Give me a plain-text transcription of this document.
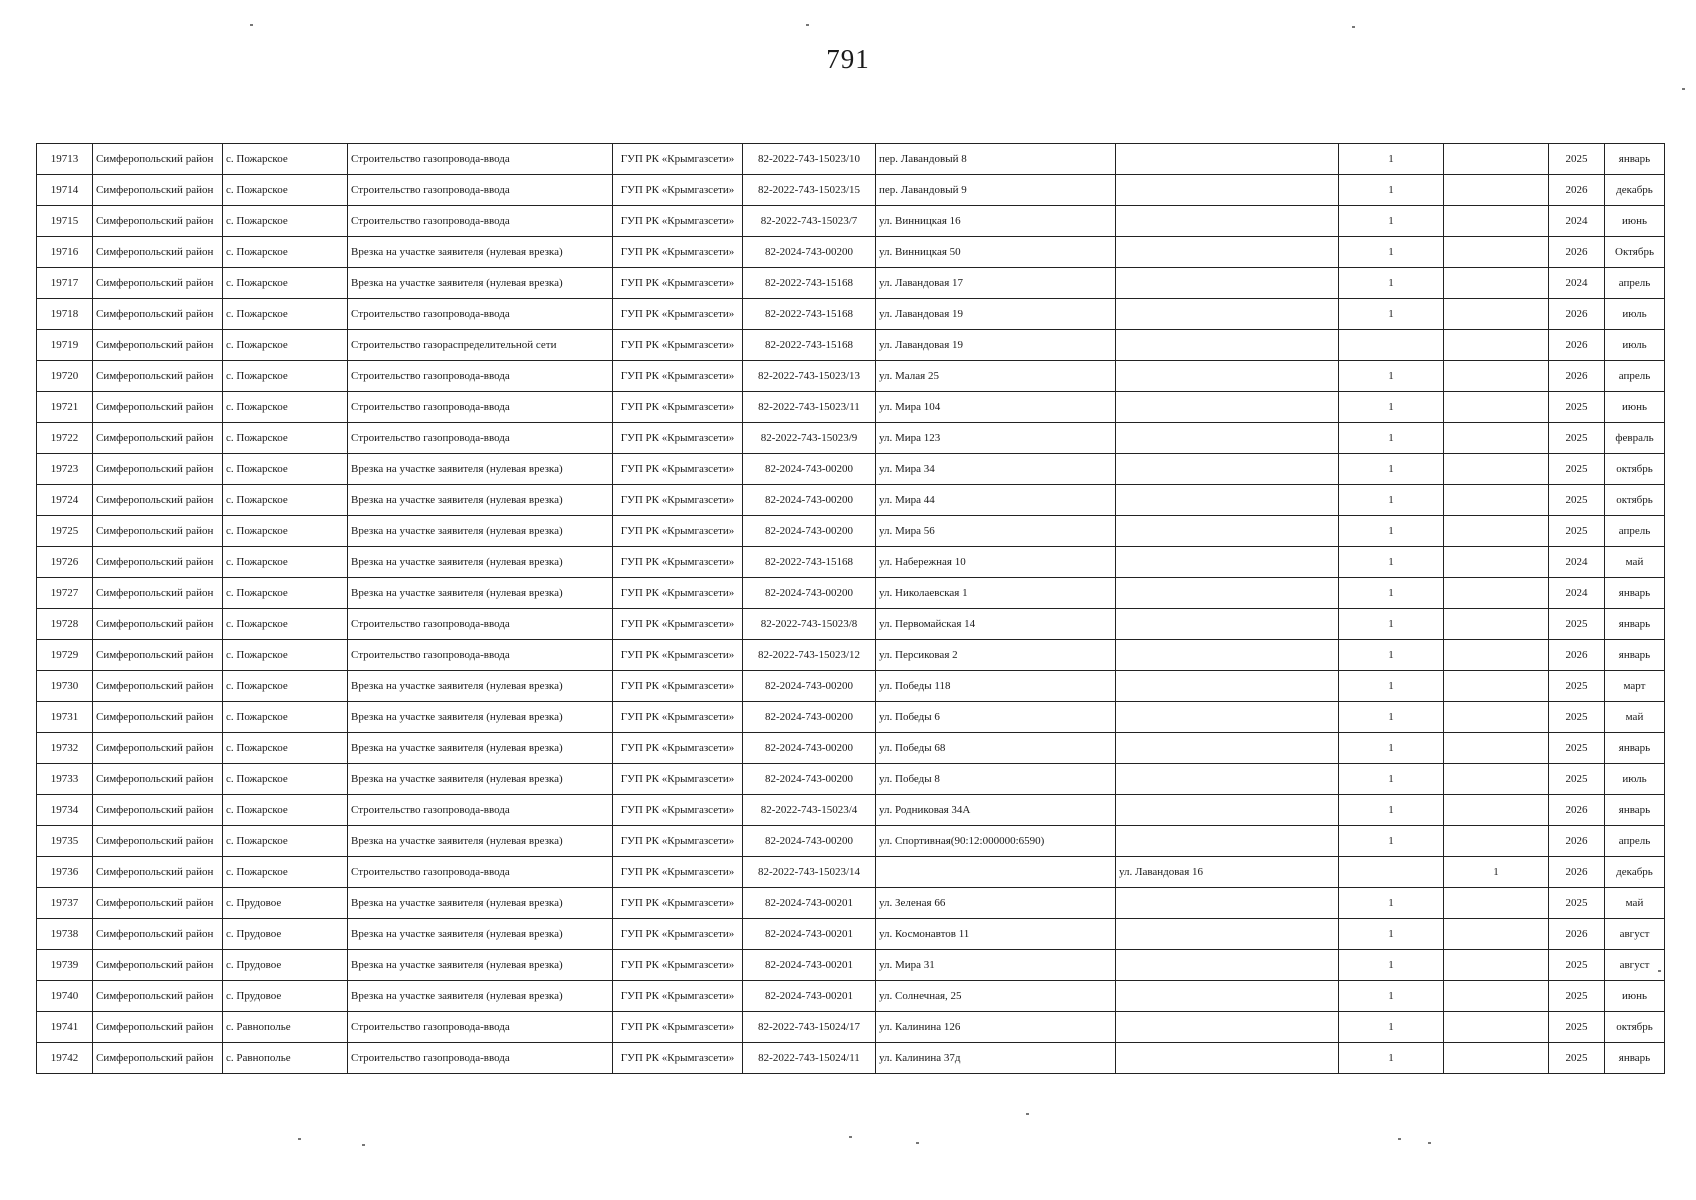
791
19713	Симферопольский район	с. Пожарское	Строительство газопровода-ввода	ГУП РК «Крымгазсети»	82-2022-743-15023/10	пер. Лавандовый 8		1		2025	январь
19714	Симферопольский район	с. Пожарское	Строительство газопровода-ввода	ГУП РК «Крымгазсети»	82-2022-743-15023/15	пер. Лавандовый 9		1		2026	декабрь
19715	Симферопольский район	с. Пожарское	Строительство газопровода-ввода	ГУП РК «Крымгазсети»	82-2022-743-15023/7	ул. Винницкая 16		1		2024	июнь
19716	Симферопольский район	с. Пожарское	Врезка на участке заявителя (нулевая врезка)	ГУП РК «Крымгазсети»	82-2024-743-00200	ул. Винницкая 50		1		2026	Октябрь
19717	Симферопольский район	с. Пожарское	Врезка на участке заявителя (нулевая врезка)	ГУП РК «Крымгазсети»	82-2022-743-15168	ул. Лавандовая 17		1		2024	апрель
19718	Симферопольский район	с. Пожарское	Строительство газопровода-ввода	ГУП РК «Крымгазсети»	82-2022-743-15168	ул. Лавандовая 19		1		2026	июль
19719	Симферопольский район	с. Пожарское	Строительство газораспределительной сети	ГУП РК «Крымгазсети»	82-2022-743-15168	ул. Лавандовая 19				2026	июль
19720	Симферопольский район	с. Пожарское	Строительство газопровода-ввода	ГУП РК «Крымгазсети»	82-2022-743-15023/13	ул. Малая 25		1		2026	апрель
19721	Симферопольский район	с. Пожарское	Строительство газопровода-ввода	ГУП РК «Крымгазсети»	82-2022-743-15023/11	ул. Мира 104		1		2025	июнь
19722	Симферопольский район	с. Пожарское	Строительство газопровода-ввода	ГУП РК «Крымгазсети»	82-2022-743-15023/9	ул. Мира 123		1		2025	февраль
19723	Симферопольский район	с. Пожарское	Врезка на участке заявителя (нулевая врезка)	ГУП РК «Крымгазсети»	82-2024-743-00200	ул. Мира 34		1		2025	октябрь
19724	Симферопольский район	с. Пожарское	Врезка на участке заявителя (нулевая врезка)	ГУП РК «Крымгазсети»	82-2024-743-00200	ул. Мира 44		1		2025	октябрь
19725	Симферопольский район	с. Пожарское	Врезка на участке заявителя (нулевая врезка)	ГУП РК «Крымгазсети»	82-2024-743-00200	ул. Мира 56		1		2025	апрель
19726	Симферопольский район	с. Пожарское	Врезка на участке заявителя (нулевая врезка)	ГУП РК «Крымгазсети»	82-2022-743-15168	ул. Набережная 10		1		2024	май
19727	Симферопольский район	с. Пожарское	Врезка на участке заявителя (нулевая врезка)	ГУП РК «Крымгазсети»	82-2024-743-00200	ул. Николаевская 1		1		2024	январь
19728	Симферопольский район	с. Пожарское	Строительство газопровода-ввода	ГУП РК «Крымгазсети»	82-2022-743-15023/8	ул. Первомайская 14		1		2025	январь
19729	Симферопольский район	с. Пожарское	Строительство газопровода-ввода	ГУП РК «Крымгазсети»	82-2022-743-15023/12	ул. Персиковая 2		1		2026	январь
19730	Симферопольский район	с. Пожарское	Врезка на участке заявителя (нулевая врезка)	ГУП РК «Крымгазсети»	82-2024-743-00200	ул. Победы 118		1		2025	март
19731	Симферопольский район	с. Пожарское	Врезка на участке заявителя (нулевая врезка)	ГУП РК «Крымгазсети»	82-2024-743-00200	ул. Победы 6		1		2025	май
19732	Симферопольский район	с. Пожарское	Врезка на участке заявителя (нулевая врезка)	ГУП РК «Крымгазсети»	82-2024-743-00200	ул. Победы 68		1		2025	январь
19733	Симферопольский район	с. Пожарское	Врезка на участке заявителя (нулевая врезка)	ГУП РК «Крымгазсети»	82-2024-743-00200	ул. Победы 8		1		2025	июль
19734	Симферопольский район	с. Пожарское	Строительство газопровода-ввода	ГУП РК «Крымгазсети»	82-2022-743-15023/4	ул. Родниковая 34А		1		2026	январь
19735	Симферопольский район	с. Пожарское	Врезка на участке заявителя (нулевая врезка)	ГУП РК «Крымгазсети»	82-2024-743-00200	ул. Спортивная(90:12:000000:6590)		1		2026	апрель
19736	Симферопольский район	с. Пожарское	Строительство газопровода-ввода	ГУП РК «Крымгазсети»	82-2022-743-15023/14		ул. Лавандовая 16		1	2026	декабрь
19737	Симферопольский район	с. Прудовое	Врезка на участке заявителя (нулевая врезка)	ГУП РК «Крымгазсети»	82-2024-743-00201	ул. Зеленая 66		1		2025	май
19738	Симферопольский район	с. Прудовое	Врезка на участке заявителя (нулевая врезка)	ГУП РК «Крымгазсети»	82-2024-743-00201	ул. Космонавтов 11		1		2026	август
19739	Симферопольский район	с. Прудовое	Врезка на участке заявителя (нулевая врезка)	ГУП РК «Крымгазсети»	82-2024-743-00201	ул. Мира 31		1		2025	август
19740	Симферопольский район	с. Прудовое	Врезка на участке заявителя (нулевая врезка)	ГУП РК «Крымгазсети»	82-2024-743-00201	ул. Солнечная, 25		1		2025	июнь
19741	Симферопольский район	с. Равнополье	Строительство газопровода-ввода	ГУП РК «Крымгазсети»	82-2022-743-15024/17	ул. Калинина 126		1		2025	октябрь
19742	Симферопольский район	с. Равнополье	Строительство газопровода-ввода	ГУП РК «Крымгазсети»	82-2022-743-15024/11	ул. Калинина 37д		1		2025	январь
